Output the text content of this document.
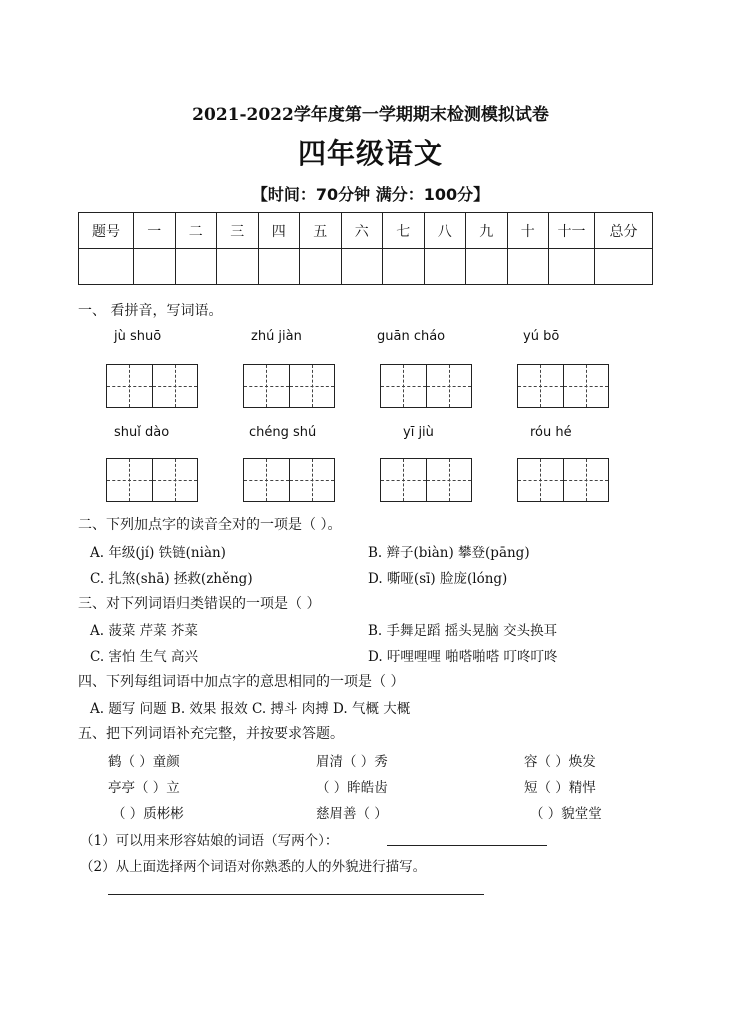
2021-2022学年度第一学期期末检测模拟试卷
四年级语文
【时间：70分钟 满分：100分】
题号	一	二	三	四	五	六	七	八	九	十	十一	总分

一、 看拼音，写词语。
jù shuō	zhú jiàn	guān cháo	yú bō
shuǐ dào	chéng shú	yī jiù	róu hé
二、下列加点字的读音全对的一项是（ ）。
A. 年级(jí) 铁链(niàn)	B. 辫子(biàn) 攀登(pāng)
C. 扎煞(shā) 拯救(zhěng)	D. 嘶哑(sī) 脸庞(lóng)
三、对下列词语归类错误的一项是（ ）
A. 菠菜 芹菜 芥菜	B. 手舞足蹈 摇头晃脑 交头换耳
C. 害怕 生气 高兴	D. 吁哩哩哩 啪嗒啪嗒 叮咚叮咚
四、下列每组词语中加点字的意思相同的一项是（ ）
A. 题写 问题 B. 效果 报效 C. 搏斗 肉搏 D. 气概 大概
五、把下列词语补充完整，并按要求答题。
鹤（ ）童颜	眉清（ ）秀	容（ ）焕发
亭亭（ ）立	（ ）眸皓齿	短（ ）精悍
（ ）质彬彬	慈眉善（ ）	（ ）貌堂堂
（1）可以用来形容姑娘的词语（写两个）：
（2）从上面选择两个词语对你熟悉的人的外貌进行描写。
